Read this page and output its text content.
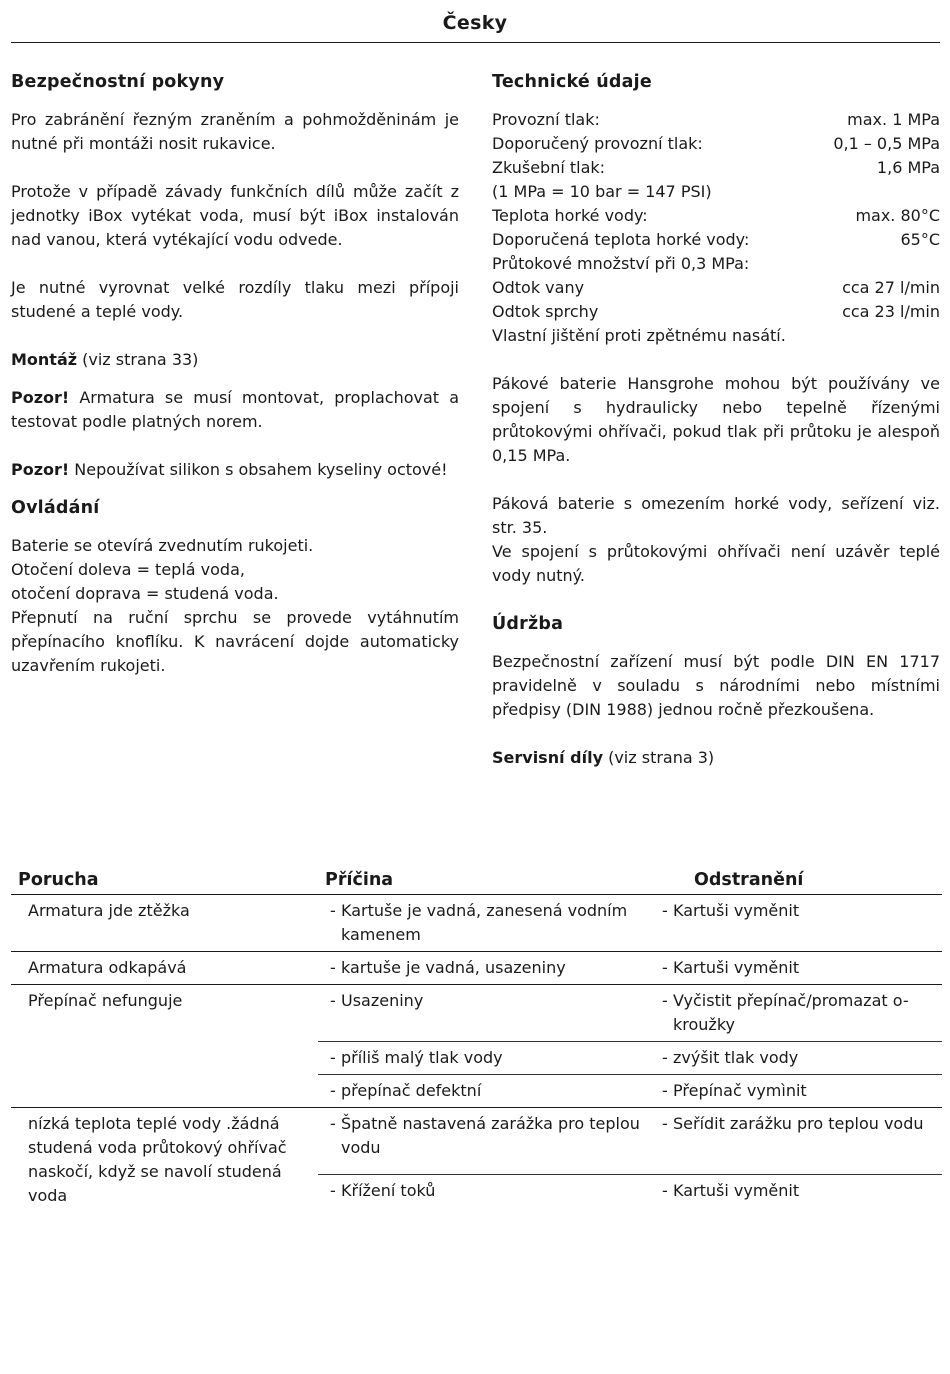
Česky
Bezpečnostní pokyny

Pro zabránění řezným zraněním a pohmožděninám je nutné při montáži nosit rukavice.

Protože v případě závady funkčních dílů může začít z jednotky iBox vytékat voda, musí být iBox instalován nad vanou, která vytékající vodu odvede.

Je nutné vyrovnat velké rozdíly tlaku mezi přípoji studené a teplé vody.

Montáž (viz strana 33)

Pozor! Armatura se musí montovat, proplachovat a testovat podle platných norem.

Pozor! Nepoužívat silikon s obsahem kyseliny octové!

Ovládání
Baterie se otevírá zvednutím rukojeti.
Otočení doleva = teplá voda,
otočení doprava = studená voda.

Přepnutí na ruční sprchu se provede vytáhnutím přepínacího knoflíku. K navrácení dojde automaticky uzavřením rukojeti.

Technické údaje
Provozní tlak:	max. 1 MPa
Doporučený provozní tlak:	0,1 – 0,5 MPa
Zkušební tlak:	1,6 MPa
(1 MPa = 10 bar = 147 PSI)
Teplota horké vody:	max. 80°C
Doporučená teplota horké vody:	65°C
Průtokové množství při 0,3 MPa:
Odtok vany	cca 27 l/min
Odtok sprchy	cca 23 l/min
Vlastní jištění proti zpětnému nasátí.

Pákové baterie Hansgrohe mohou být používány ve spojení s hydraulicky nebo tepelně řízenými průtokovými ohřívači, pokud tlak při průtoku je alespoň 0,15 MPa.

Páková baterie s omezením horké vody, seřízení viz. str. 35.

Ve spojení s průtokovými ohřívači není uzávěr teplé vody nutný.

Údržba

Bezpečnostní zařízení musí být podle DIN EN 1717 pravidelně v souladu s národními nebo místními předpisy (DIN 1988) jednou ročně přezkoušena.

Servisní díly (viz strana 3)

Porucha	Příčina	Odstranění
Armatura jde ztěžka	- Kartuše je vadná, zanesená vodním kamenem	- Kartuši vyměnit

Armatura odkapává	- kartuše je vadná, usazeniny	- Kartuši vyměnit

Přepínač nefunguje	- Usazeniny	- Vyčistit přepínač/promazat o-kroužky

	- příliš malý tlak vody	- zvýšit tlak vody

	- přepínač defektní	- Přepínač vymìnit

nízká teplota teplé vody .žádná studená voda průtokový ohřívač naskočí, když se navolí studená voda	- Špatně nastavená zarážka pro teplou vodu	- Seřídit zarážku pro teplou vodu

	- Křížení toků	- Kartuši vyměnit
